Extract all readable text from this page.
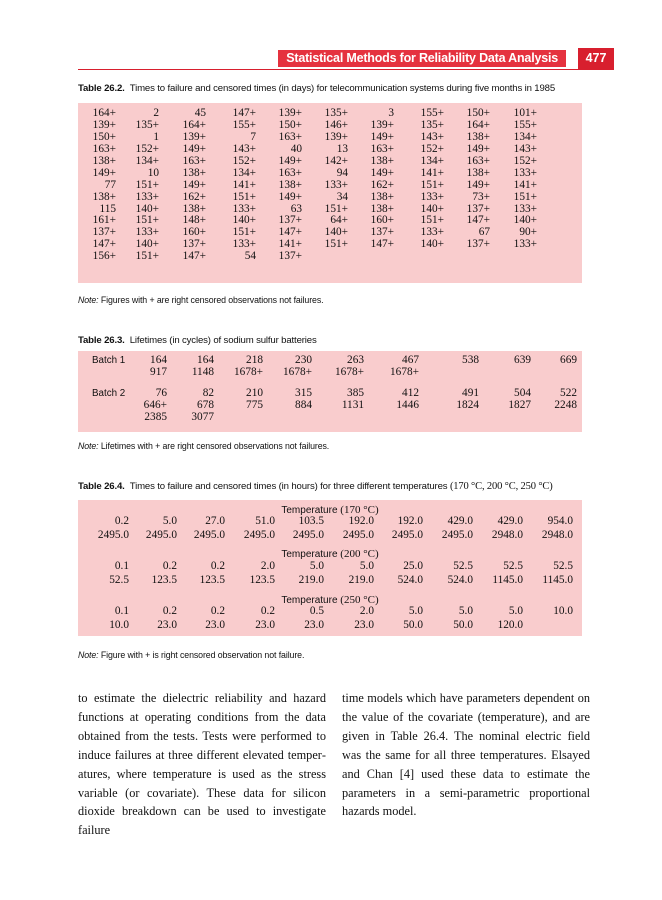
Statistical Methods for Reliability Data Analysis	477
Table 26.2. Times to failure and censored times (in days) for telecommunication systems during five months in 1985
164+	2	45	147+	139+	135+	3	155+	150+	101+
139+	135+	164+	155+	150+	146+	139+	135+	164+	155+
150+	1	139+	7	163+	139+	149+	143+	138+	134+
163+	152+	149+	143+	40	13	163+	152+	149+	143+
138+	134+	163+	152+	149+	142+	138+	134+	163+	152+
149+	10	138+	134+	163+	94	149+	141+	138+	133+
77	151+	149+	141+	138+	133+	162+	151+	149+	141+
138+	133+	162+	151+	149+	34	138+	133+	73+	151+
115	140+	138+	133+	63	151+	138+	140+	137+	133+
161+	151+	148+	140+	137+	64+	160+	151+	147+	140+
137+	133+	160+	151+	147+	140+	137+	133+	67	90+
147+	140+	137+	133+	141+	151+	147+	140+	137+	133+
156+	151+	147+	54	137+
Note: Figures with + are right censored observations not failures.
Table 26.3. Lifetimes (in cycles) of sodium sulfur batteries
Batch 1	164	164	218	230	263	467	538	639	669
917	1148	1678+	1678+	1678+	1678+
Batch 2	76	82	210	315	385	412	491	504	522
646+	678	775	884	1131	1446	1824	1827	2248
2385	3077
Note: Lifetimes with + are right censored observations not failures.
Table 26.4. Times to failure and censored times (in hours) for three different temperatures (170 °C, 200 °C, 250 °C)
Temperature (170 °C)
0.2	5.0	27.0	51.0	103.5	192.0	192.0	429.0	429.0	954.0
2495.0	2495.0	2495.0	2495.0	2495.0	2495.0	2495.0	2495.0	2948.0	2948.0
Temperature (200 °C)
0.1	0.2	0.2	2.0	5.0	5.0	25.0	52.5	52.5	52.5
52.5	123.5	123.5	123.5	219.0	219.0	524.0	524.0	1145.0	1145.0
Temperature (250 °C)
0.1	0.2	0.2	0.2	0.5	2.0	5.0	5.0	5.0	10.0
10.0	23.0	23.0	23.0	23.0	23.0	50.0	50.0	120.0
Note: Figure with + is right censored observation not failure.

to estimate the dielectric reliability and hazard functions at operating conditions from the data obtained from the tests. Tests were performed to induce failures at three different elevated temperatures, where temperature is used as the stress variable (or covariate). These data for silicon dioxide breakdown can be used to investigate failure

time models which have parameters dependent on the value of the covariate (temperature), and are given in Table 26.4. The nominal electric field was the same for all three temperatures. Elsayed and Chan [4] used these data to estimate the parameters in a semi-parametric proportional hazards model.
